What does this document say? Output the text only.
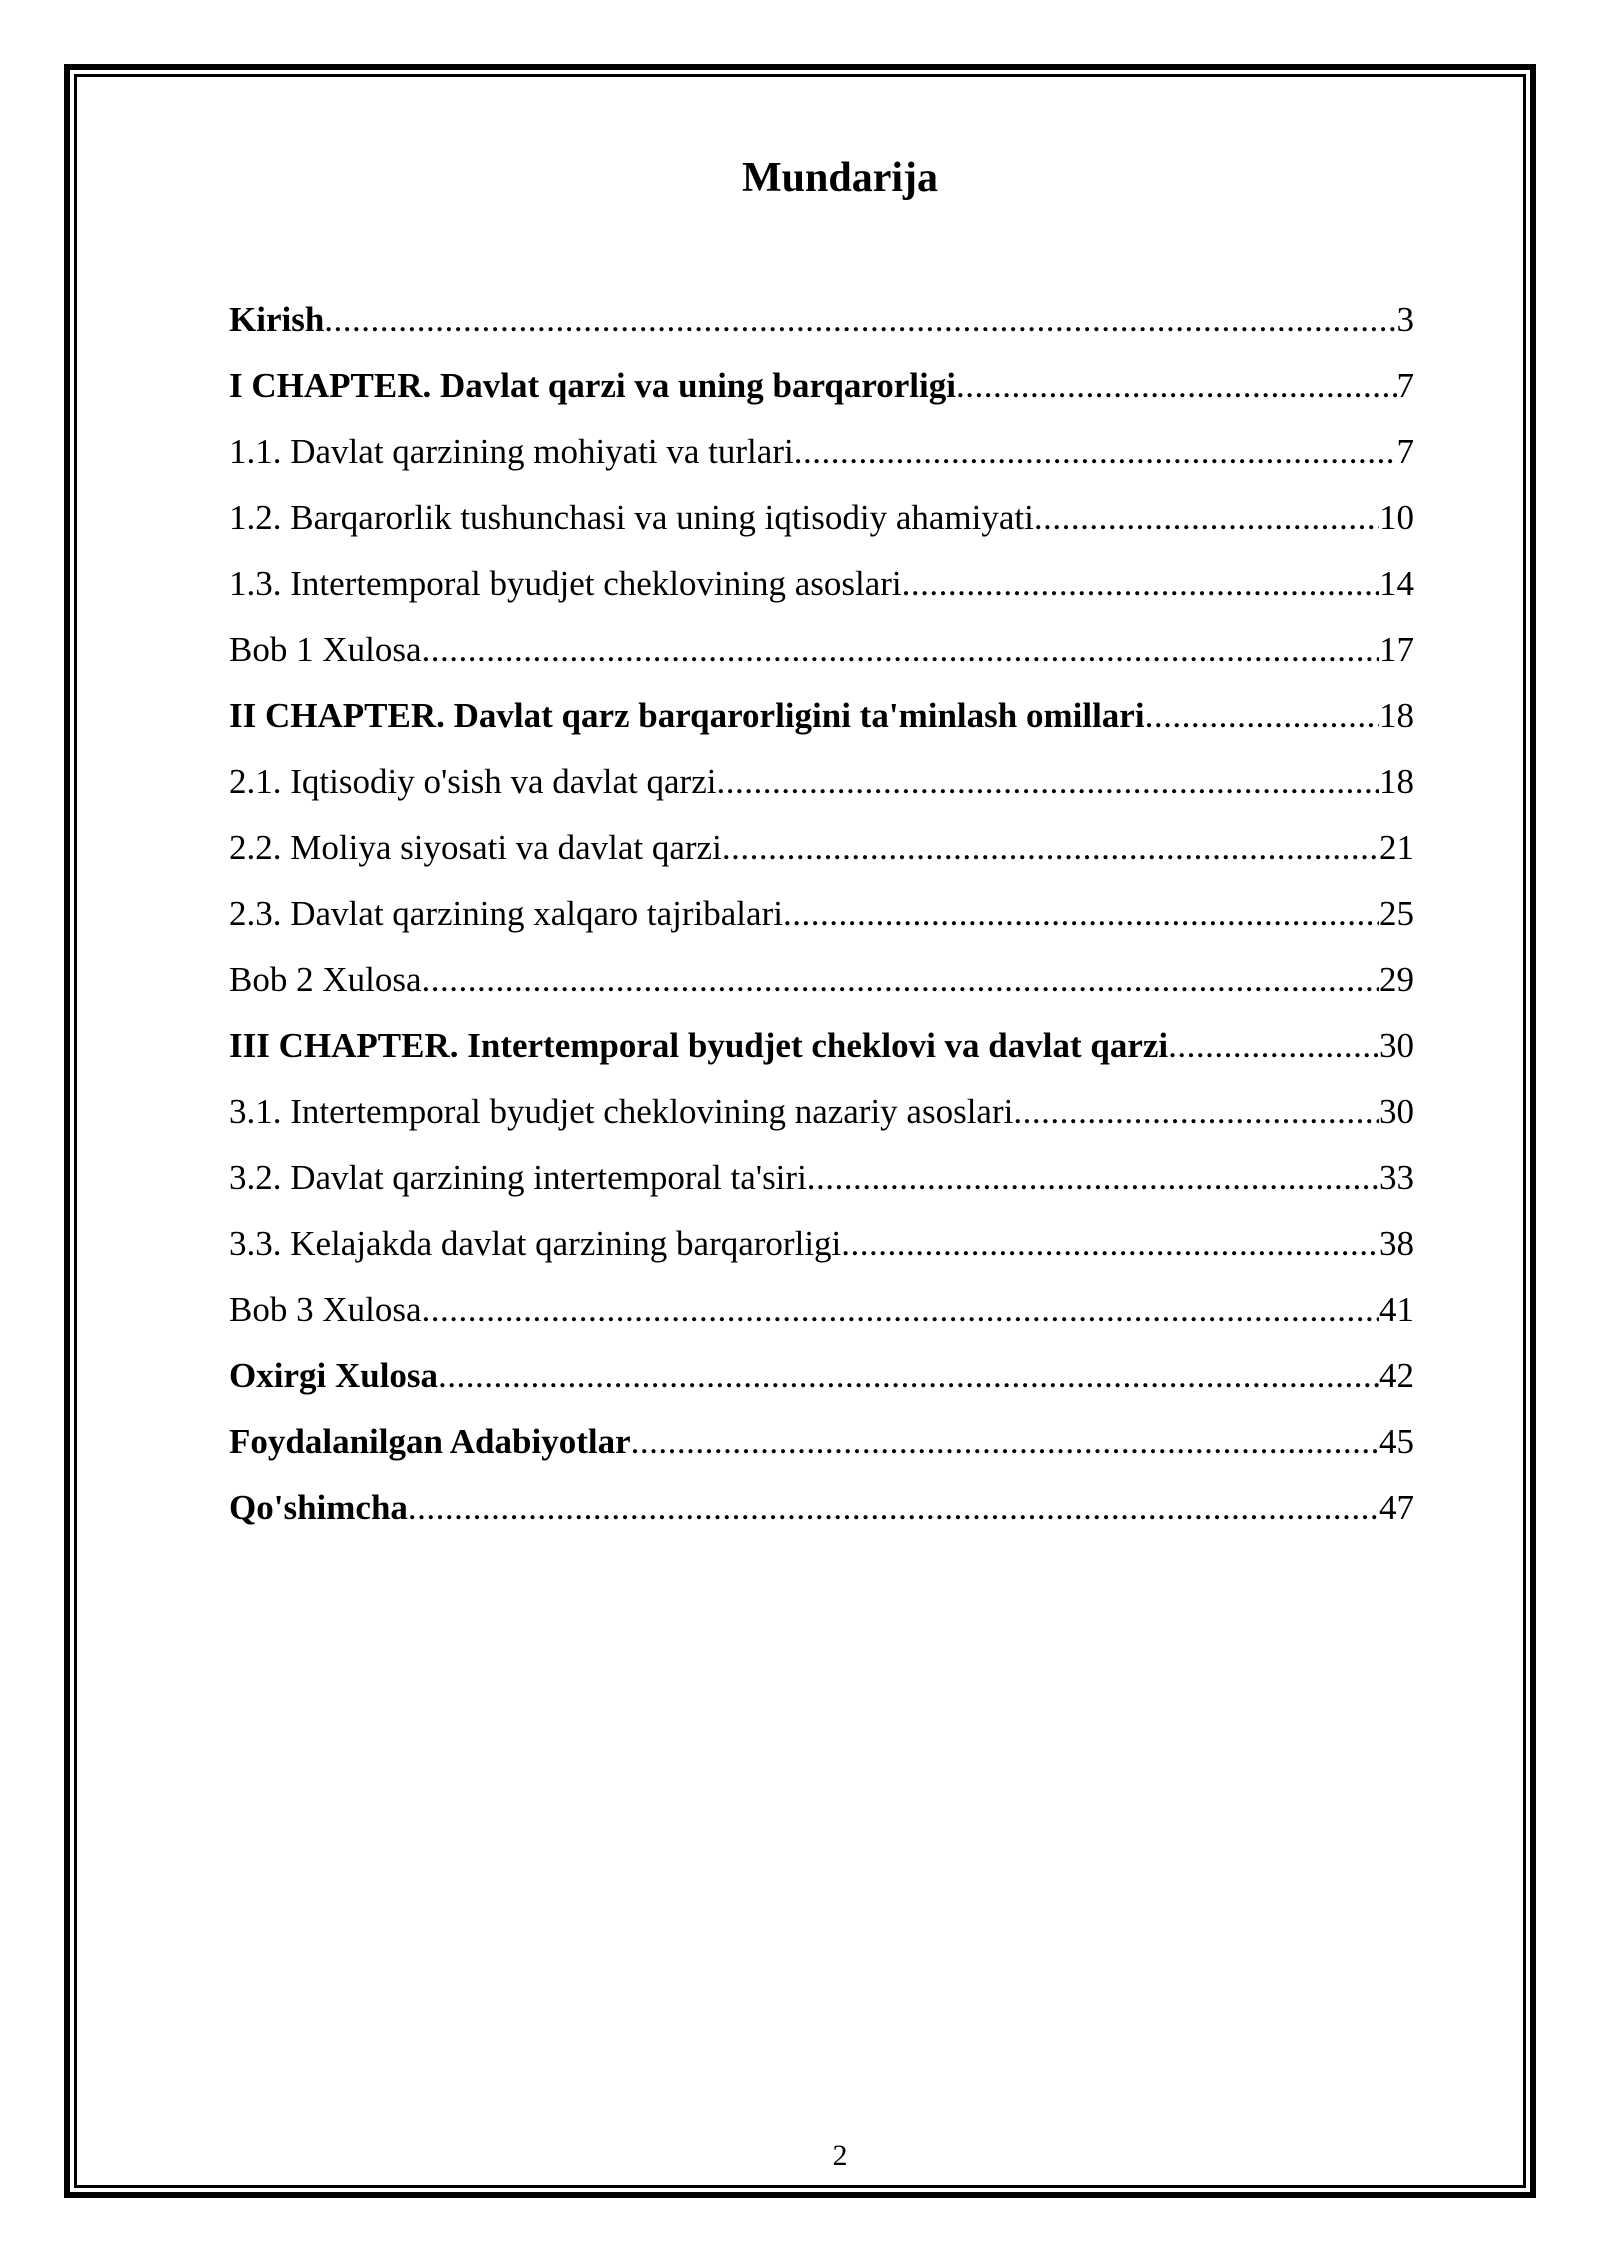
Mundarija
Kirish .....	3
I CHAPTER. Davlat qarzi va uning barqarorligi .....	7
1.1. Davlat qarzining mohiyati va turlari .....	7
1.2. Barqarorlik tushunchasi va uning iqtisodiy ahamiyati .....	10
1.3. Intertemporal byudjet cheklovining asoslari .....	14
Bob 1 Xulosa .....	17
II CHAPTER. Davlat qarz barqarorligini ta'minlash omillari .....	18
2.1. Iqtisodiy o'sish va davlat qarzi .....	18
2.2. Moliya siyosati va davlat qarzi .....	21
2.3. Davlat qarzining xalqaro tajribalari .....	25
Bob 2 Xulosa .....	29
III CHAPTER. Intertemporal byudjet cheklovi va davlat qarzi .....	30
3.1. Intertemporal byudjet cheklovining nazariy asoslari .....	30
3.2. Davlat qarzining intertemporal ta'siri .....	33
3.3. Kelajakda davlat qarzining barqarorligi .....	38
Bob 3 Xulosa .....	41
Oxirgi Xulosa .....	42
Foydalanilgan Adabiyotlar .....	45
Qo'shimcha .....	47
2
